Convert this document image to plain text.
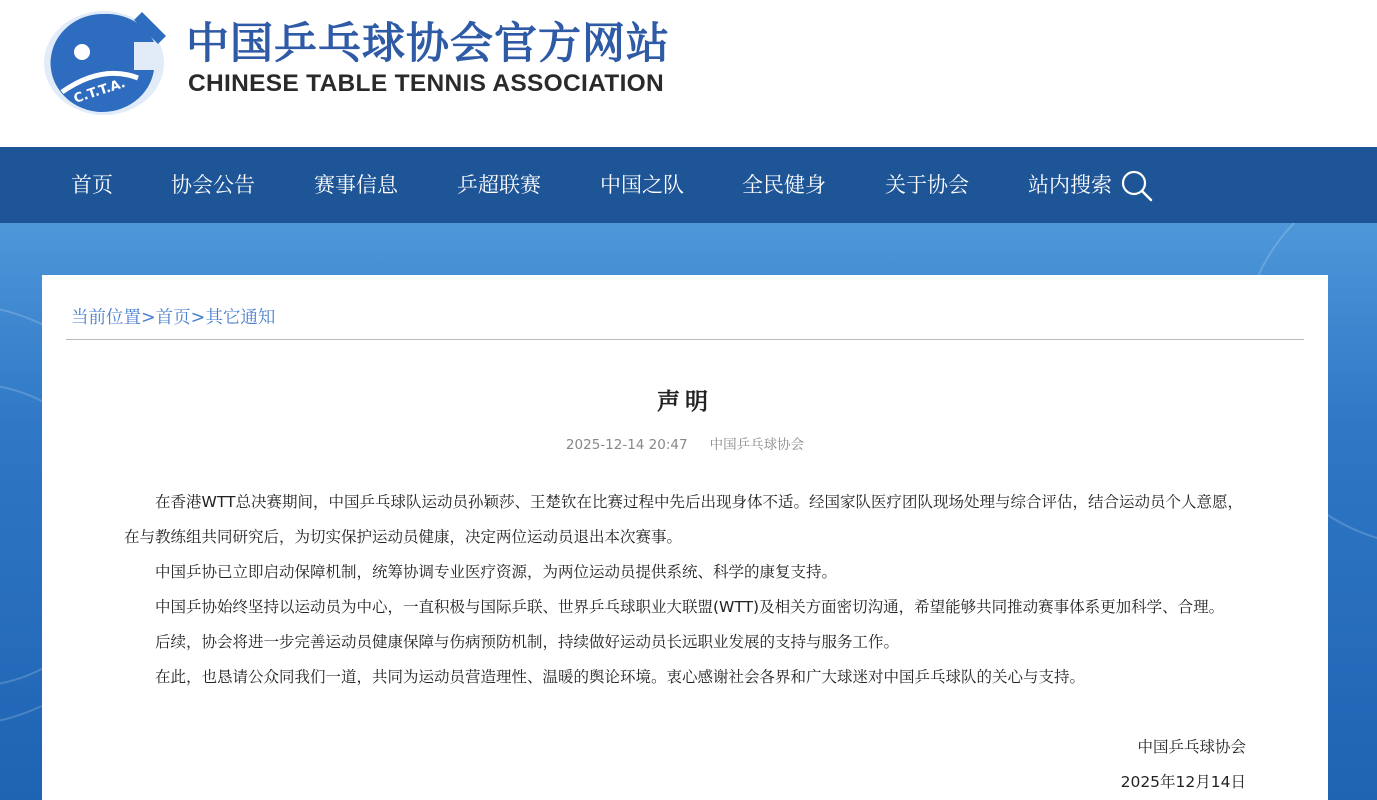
C.T.T.A.
中国乒乓球协会官方网站
CHINESE TABLE TENNIS ASSOCIATION
首页	协会公告	赛事信息	乒超联赛	中国之队	全民健身	关于协会	站内搜索
当前位置>首页>其它通知
声明
2025-12-14 20:47 中国乒乓球协会

在香港WTT总决赛期间，中国乒乓球队运动员孙颖莎、王楚钦在比赛过程中先后出现身体不适。经国家队医疗团队现场处理与综合评估，结合运动员个人意愿，在与教练组共同研究后，为切实保护运动员健康，决定两位运动员退出本次赛事。

中国乒协已立即启动保障机制，统筹协调专业医疗资源，为两位运动员提供系统、科学的康复支持。

中国乒协始终坚持以运动员为中心，一直积极与国际乒联、世界乒乓球职业大联盟(WTT)及相关方面密切沟通，希望能够共同推动赛事体系更加科学、合理。

后续，协会将进一步完善运动员健康保障与伤病预防机制，持续做好运动员长远职业发展的支持与服务工作。

在此，也恳请公众同我们一道，共同为运动员营造理性、温暖的舆论环境。衷心感谢社会各界和广大球迷对中国乒乓球队的关心与支持。

中国乒乓球协会
2025年12月14日
